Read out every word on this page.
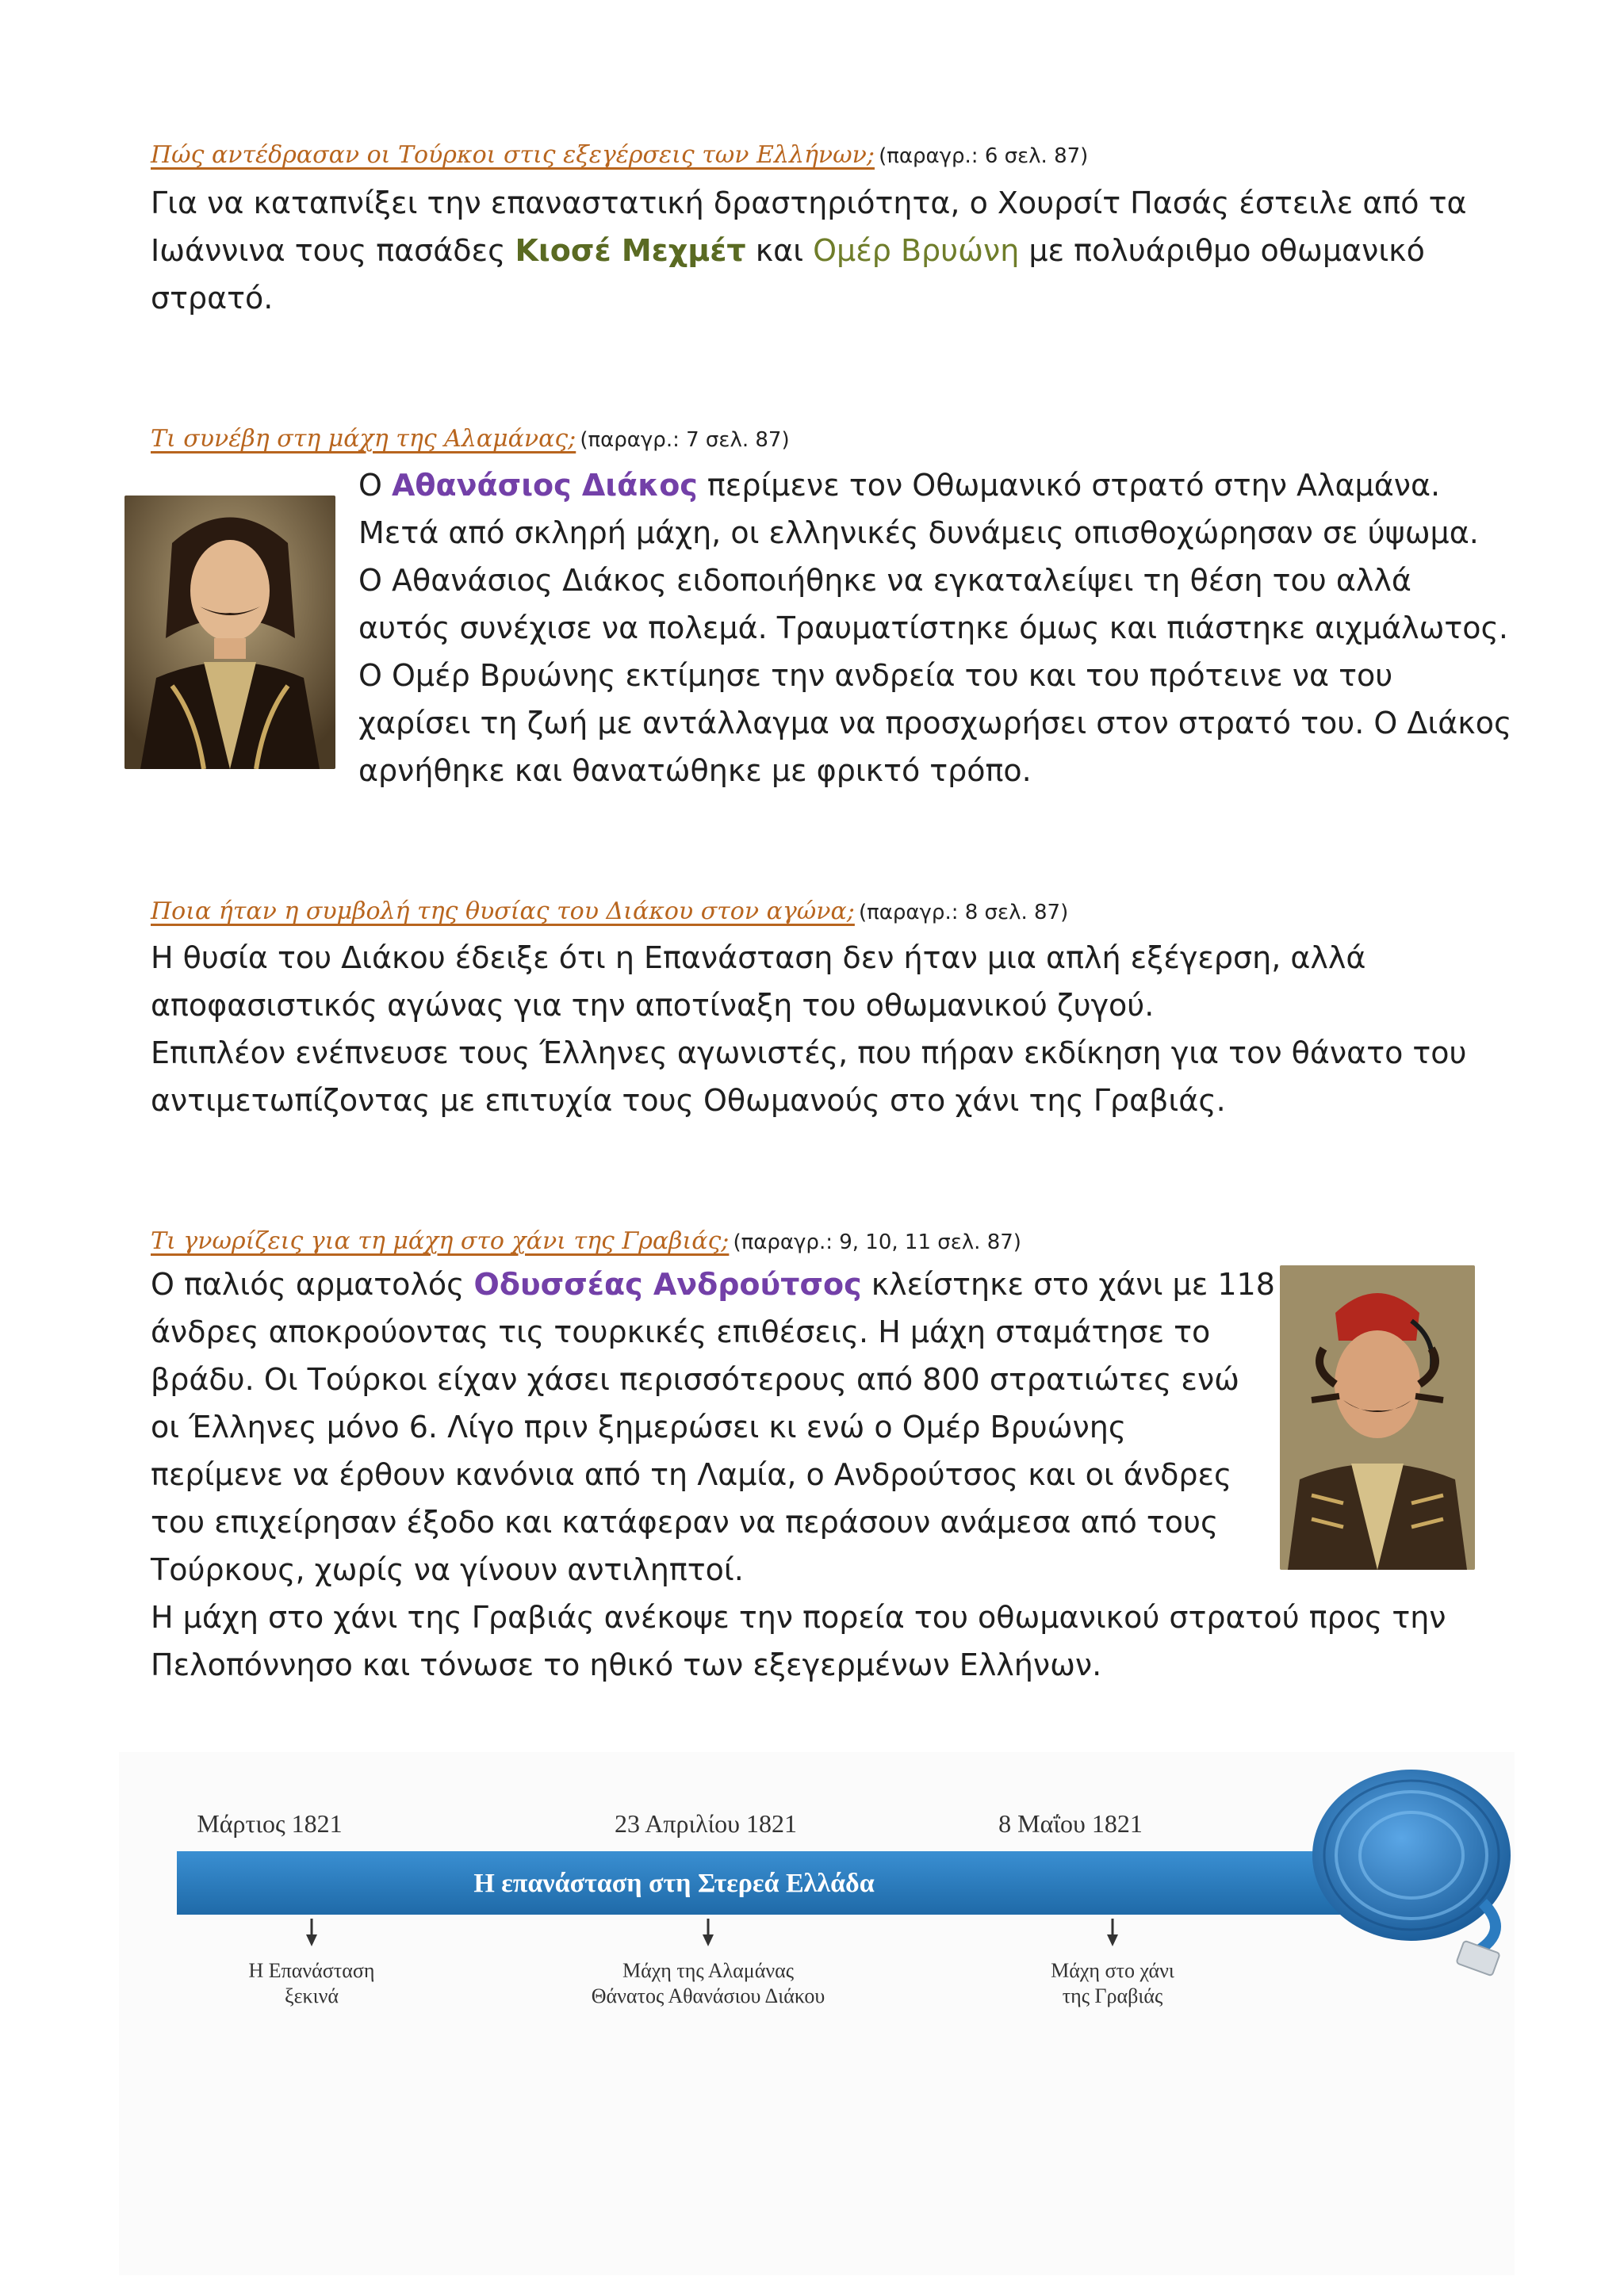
Πώς αντέδρασαν οι Τούρκοι στις εξεγέρσεις των Ελλήνων; (παραγρ.: 6 σελ. 87)
Για να καταπνίξει την επαναστατική δραστηριότητα, ο Χουρσίτ Πασάς έστειλε από τα
Ιωάννινα τους πασάδες Κιοσέ Μεχμέτ και Ομέρ Βρυώνη με πολυάριθμο οθωμανικό
στρατό.
Τι συνέβη στη μάχη της Αλαμάνας; (παραγρ.: 7 σελ. 87)
Ο Αθανάσιος Διάκος περίμενε τον Οθωμανικό στρατό στην Αλαμάνα.
Μετά από σκληρή μάχη, οι ελληνικές δυνάμεις οπισθοχώρησαν σε ύψωμα.
Ο Αθανάσιος Διάκος ειδοποιήθηκε να εγκαταλείψει τη θέση του αλλά
αυτός συνέχισε να πολεμά. Τραυματίστηκε όμως και πιάστηκε αιχμάλωτος.
Ο Ομέρ Βρυώνης εκτίμησε την ανδρεία του και του πρότεινε να του
χαρίσει τη ζωή με αντάλλαγμα να προσχωρήσει στον στρατό του. Ο Διάκος
αρνήθηκε και θανατώθηκε με φρικτό τρόπο.
Ποια ήταν η συμβολή της θυσίας του Διάκου στον αγώνα; (παραγρ.: 8 σελ. 87)
Η θυσία του Διάκου έδειξε ότι η Επανάσταση δεν ήταν μια απλή εξέγερση, αλλά
αποφασιστικός αγώνας για την αποτίναξη του οθωμανικού ζυγού.
Επιπλέον ενέπνευσε τους Έλληνες αγωνιστές, που πήραν εκδίκηση για τον θάνατο του
αντιμετωπίζοντας με επιτυχία τους Οθωμανούς στο χάνι της Γραβιάς.
Τι γνωρίζεις για τη μάχη στο χάνι της Γραβιάς; (παραγρ.: 9, 10, 11 σελ. 87)
Ο παλιός αρματολός Οδυσσέας Ανδρούτσος κλείστηκε στο χάνι με 118
άνδρες αποκρούοντας τις τουρκικές επιθέσεις. Η μάχη σταμάτησε το
βράδυ. Οι Τούρκοι είχαν χάσει περισσότερους από 800 στρατιώτες ενώ
οι Έλληνες μόνο 6. Λίγο πριν ξημερώσει κι ενώ ο Ομέρ Βρυώνης
περίμενε να έρθουν κανόνια από τη Λαμία, ο Ανδρούτσος και οι άνδρες
του επιχείρησαν έξοδο και κατάφεραν να περάσουν ανάμεσα από τους
Τούρκους, χωρίς να γίνουν αντιληπτοί.
Η μάχη στο χάνι της Γραβιάς ανέκοψε την πορεία του οθωμανικού στρατού προς την
Πελοπόννησο και τόνωσε το ηθικό των εξεγερμένων Ελλήνων.
Μάρτιος 1821	23 Απριλίου 1821	8 Μαΐου 1821
Η επανάσταση στη Στερεά Ελλάδα
Η Επανάσταση
ξεκινά
Μάχη της Αλαμάνας
Θάνατος Αθανάσιου Διάκου
Μάχη στο χάνι
της Γραβιάς
